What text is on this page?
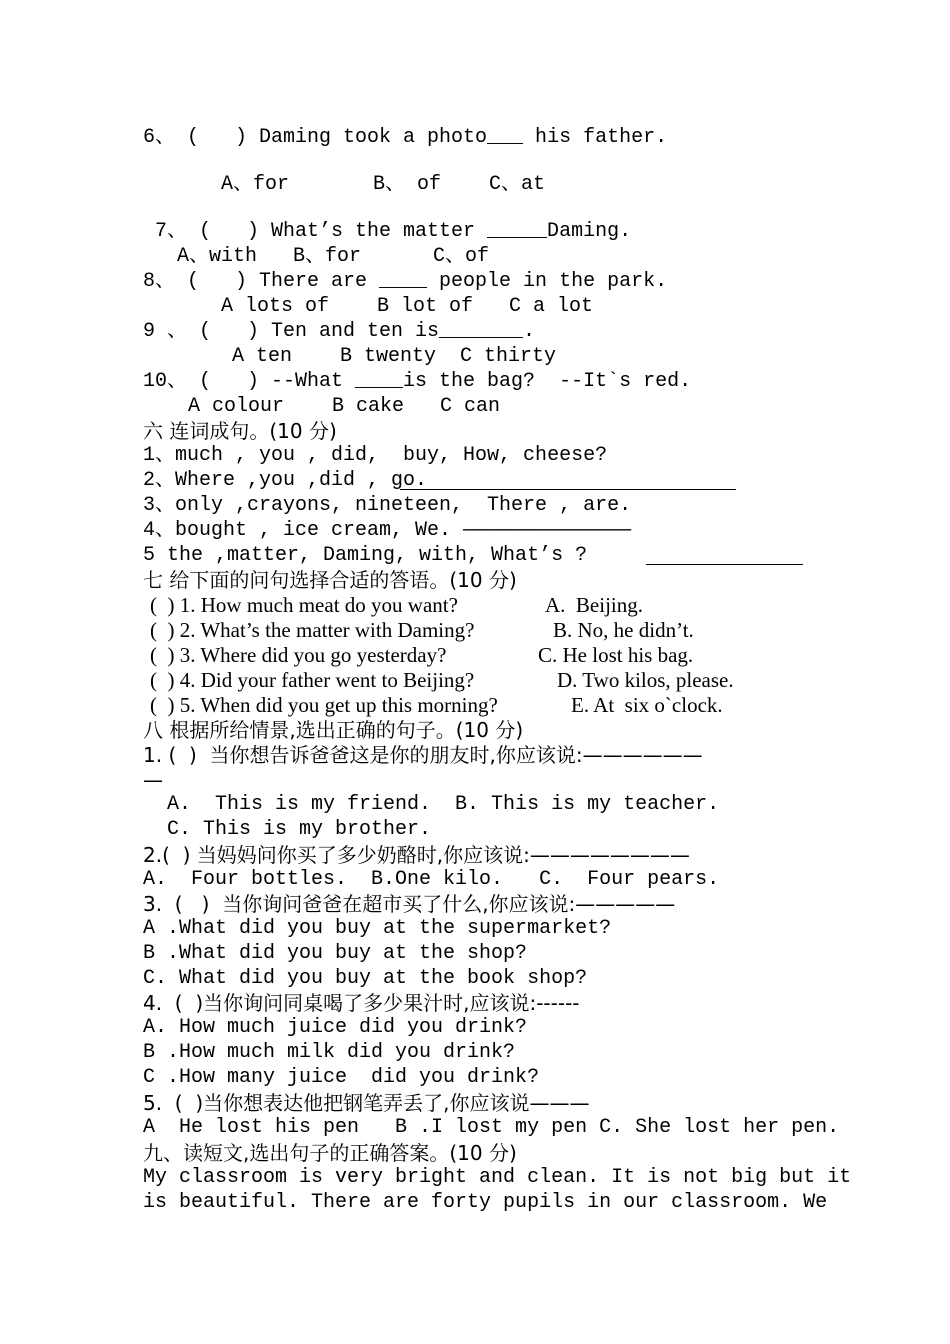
6、 (   ) Daming took a photo___ his father.
A、for       B、 of    C、at
7、 (   ) What’s the matter _____Daming.
A、with   B、for      C、of
8、 (   ) There are ____ people in the park.
A lots of    B lot of   C a lot
9 、 (   ) Ten and ten is_______.
A ten    B twenty  C thirty
10、 (   ) --What ____is the bag?  --It`s red.
A colour    B cake   C can
六 连词成句。(10 分)
1、much , you , did,  buy, How, cheese?
2、Where ,you ,did , go.
3、only ,crayons, nineteen,  There , are.
4、bought , ice cream, We. ——————————————
5 the ,matter, Daming, with, What’s ?
七 给下面的问句选择合适的答语。(10 分)
(  ) 1. How much meat do you want?	A.  Beijing.
(  ) 2. What’s the matter with Daming?	B. No, he didn’t.
(  ) 3. Where did you go yesterday?	C. He lost his bag.
(  ) 4. Did your father went to Beijing?	D. Two kilos, please.
(  ) 5. When did you get up this morning?	E. At  six o`clock.
八 根据所给情景,选出正确的句子。(10 分)
1. (  )  当你想告诉爸爸这是你的朋友时,你应该说:——————
—
A.  This is my friend.  B. This is my teacher.
C. This is my brother.
2.(  ) 当妈妈问你买了多少奶酪时,你应该说:————————
A.  Four bottles.  B.One kilo.   C.  Four pears.
3.  (   )  当你询问爸爸在超市买了什么,你应该说:—————
A .What did you buy at the supermarket?
B .What did you buy at the shop?
C. What did you buy at the book shop?
4.  (  )当你询问同桌喝了多少果汁时,应该说:------
A. How much juice did you drink?
B .How much milk did you drink?
C .How many juice  did you drink?
5.  (  )当你想表达他把钢笔弄丢了,你应该说———
A  He lost his pen   B .I lost my pen C. She lost her pen.
九、读短文,选出句子的正确答案。(10 分)
My classroom is very bright and clean. It is not big but it
is beautiful. There are forty pupils in our classroom. We
